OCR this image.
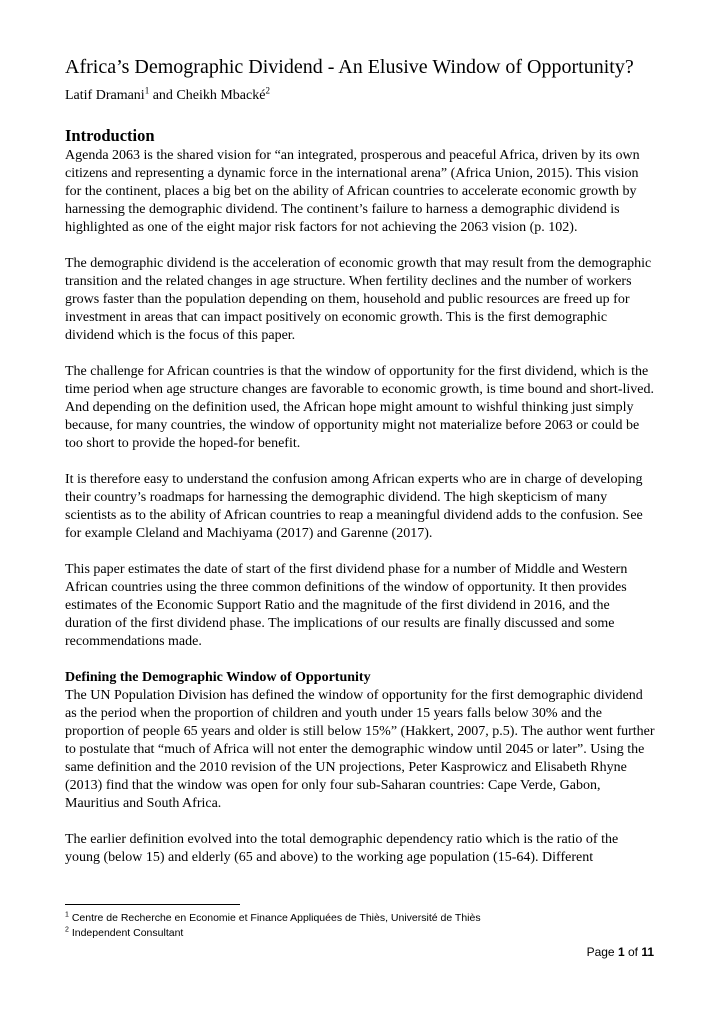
Africa’s Demographic Dividend - An Elusive Window of Opportunity?
Latif Dramani$^1$ and Cheikh Mbacké$^2$
Introduction

Agenda 2063 is the shared vision for “an integrated, prosperous and peaceful Africa, driven by its own citizens and representing a dynamic force in the international arena” (Africa Union, 2015). This vision for the continent, places a big bet on the ability of African countries to accelerate economic growth by harnessing the demographic dividend. The continent’s failure to harness a demographic dividend is highlighted as one of the eight major risk factors for not achieving the 2063 vision (p. 102).

The demographic dividend is the acceleration of economic growth that may result from the demographic transition and the related changes in age structure. When fertility declines and the number of workers grows faster than the population depending on them, household and public resources are freed up for investment in areas that can impact positively on economic growth. This is the first demographic dividend which is the focus of this paper.

The challenge for African countries is that the window of opportunity for the first dividend, which is the time period when age structure changes are favorable to economic growth, is time bound and short-lived. And depending on the definition used, the African hope might amount to wishful thinking just simply because, for many countries, the window of opportunity might not materialize before 2063 or could be too short to provide the hoped-for benefit.

It is therefore easy to understand the confusion among African experts who are in charge of developing their country’s roadmaps for harnessing the demographic dividend. The high skepticism of many scientists as to the ability of African countries to reap a meaningful dividend adds to the confusion. See for example Cleland and Machiyama (2017) and Garenne (2017).

This paper estimates the date of start of the first dividend phase for a number of Middle and Western African countries using the three common definitions of the window of opportunity. It then provides estimates of the Economic Support Ratio and the magnitude of the first dividend in 2016, and the duration of the first dividend phase. The implications of our results are finally discussed and some recommendations made.

Defining the Demographic Window of Opportunity

The UN Population Division has defined the window of opportunity for the first demographic dividend as the period when the proportion of children and youth under 15 years falls below 30% and the proportion of people 65 years and older is still below 15%” (Hakkert, 2007, p.5). The author went further to postulate that “much of Africa will not enter the demographic window until 2045 or later”. Using the same definition and the 2010 revision of the UN projections, Peter Kasprowicz and Elisabeth Rhyne (2013) find that the window was open for only four sub-Saharan countries: Cape Verde, Gabon, Mauritius and South Africa.

The earlier definition evolved into the total demographic dependency ratio which is the ratio of the young (below 15) and elderly (65 and above) to the working age population (15-64). Different

$^1$ Centre de Recherche en Economie et Finance Appliquées de Thiès, Université de Thiès

$^2$ Independent Consultant

Page 1 of 11
